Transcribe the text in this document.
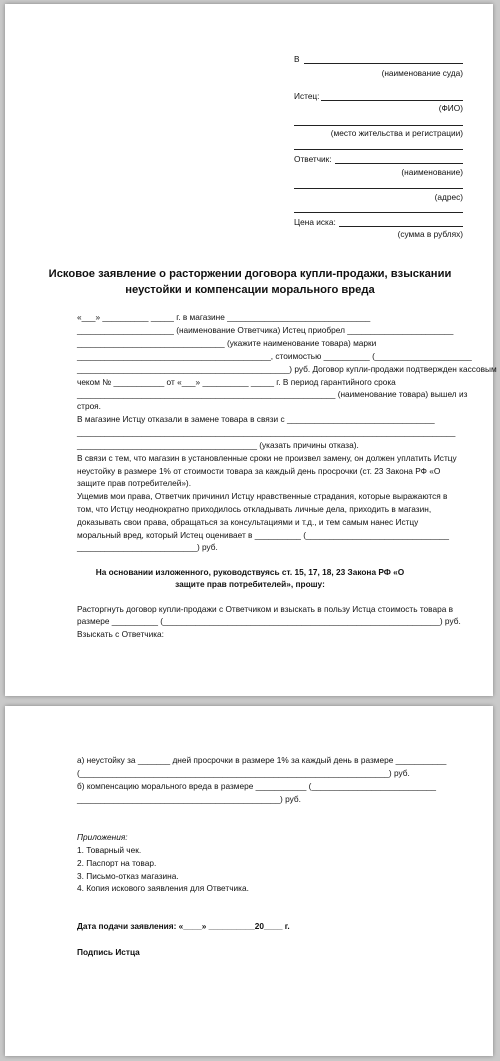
В
(наименование суда)
Истец:
(ФИО)
(место жительства и регистрации)
Ответчик:
(наименование)
(адрес)
Цена иска:
(сумма в рублях)
Исковое заявление о расторжении договора купли-продажи, взыскании неустойки и компенсации морального вреда
«___» __________ _____ г. в магазине _______________________________
_____________________ (наименование Ответчика) Истец приобрел _______________________
________________________________ (укажите наименование товара) марки
__________________________________________, стоимостью __________ (_____________________
______________________________________________) руб. Договор купли-продажи подтвержден кассовым
чеком № ___________ от «___» __________ _____ г. В период гарантийного срока
________________________________________________________ (наименование товара) вышел из
строя.
В магазине Истцу отказали в замене товара в связи с ________________________________
__________________________________________________________________________________
_______________________________________ (указать причины отказа).
В связи с тем, что магазин в установленные сроки не произвел замену, он должен уплатить Истцу
неустойку в размере 1% от стоимости товара за каждый день просрочки (ст. 23 Закона РФ «О
защите прав потребителей»).
Ущемив мои права, Ответчик причинил Истцу нравственные страдания, которые выражаются в
том, что Истцу неоднократно приходилось откладывать личные дела, приходить в магазин,
доказывать свои права, обращаться за консультациями и т.д., и тем самым нанес Истцу
моральный вред, который Истец оценивает в __________ (_______________________________
__________________________) руб.
На основании изложенного, руководствуясь ст. 15, 17, 18, 23 Закона РФ «О защите прав потребителей», прошу:
Расторгнуть договор купли-продажи с Ответчиком и взыскать в пользу Истца стоимость товара в
размере __________ (____________________________________________________________) руб.
Взыскать с Ответчика:
а) неустойку за _______ дней просрочки в размере 1% за каждый день в размере ___________
(___________________________________________________________________) руб.
б) компенсацию морального вреда в размере ___________ (___________________________
____________________________________________) руб.
Приложения:
1. Товарный чек.
2. Паспорт на товар.
3. Письмо-отказ магазина.
4. Копия искового заявления для Ответчика.
Дата подачи заявления: «____» __________20____ г.
Подпись Истца
